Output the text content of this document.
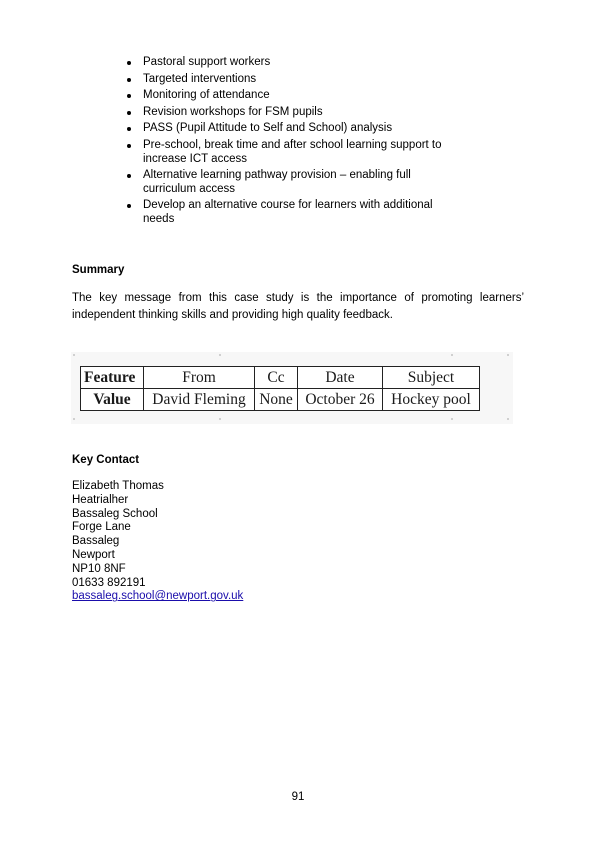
Pastoral support workers
Targeted interventions
Monitoring of attendance
Revision workshops for FSM pupils
PASS (Pupil Attitude to Self and School) analysis
Pre-school, break time and after school learning support to increase ICT access
Alternative learning pathway provision – enabling full curriculum access
Develop an alternative course for learners with additional needs
Summary
The key message from this case study is the importance of promoting learners’ independent thinking skills and providing high quality feedback.
Feature	From	Cc	Date	Subject
Value	David Fleming	None	October 26	Hockey pool
Key Contact
Elizabeth Thomas
Heatrialher
Bassaleg School
Forge Lane
Bassaleg
Newport
NP10 8NF
01633 892191
bassaleg.school@newport.gov.uk
91
